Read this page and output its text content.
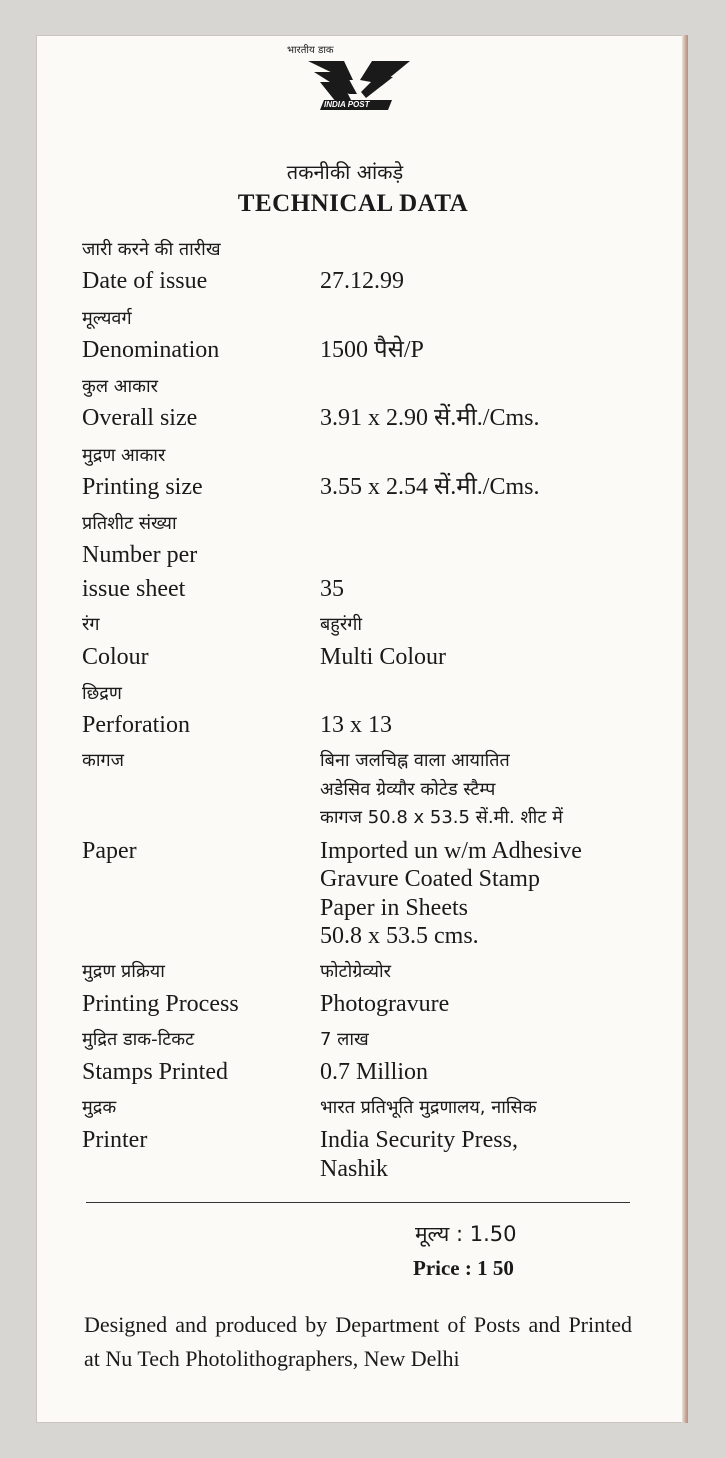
भारतीय डाक
INDIA POST
तकनीकी आंकड़े
TECHNICAL DATA
जारी करने की तारीख
Date of issue	27.12.99
मूल्यवर्ग
Denomination	1500 पैसे/P
कुल आकार
Overall size	3.91 x 2.90 सें.मी./Cms.
मुद्रण आकार
Printing size	3.55 x 2.54 सें.मी./Cms.
प्रतिशीट संख्या
Number per
issue sheet	35
रंग	बहुरंगी
Colour	Multi Colour
छिद्रण
Perforation	13 x 13
कागज	बिना जलचिह्न वाला आयातित
अडेसिव ग्रेव्यौर कोटेड स्टैम्प
कागज 50.8 x 53.5 सें.मी. शीट में
Paper	Imported un w/m Adhesive
Gravure Coated Stamp
Paper in Sheets
50.8 x 53.5 cms.
मुद्रण प्रक्रिया	फोटोग्रेव्योर
Printing Process	Photogravure
मुद्रित डाक-टिकट	7 लाख
Stamps Printed	0.7 Million
मुद्रक	भारत प्रतिभूति मुद्रणालय, नासिक
Printer	India Security Press,
Nashik
मूल्य : 1.50
Price : 1 50
Designed and produced by Department of Posts and Printed at Nu Tech Photolithographers, New Delhi
